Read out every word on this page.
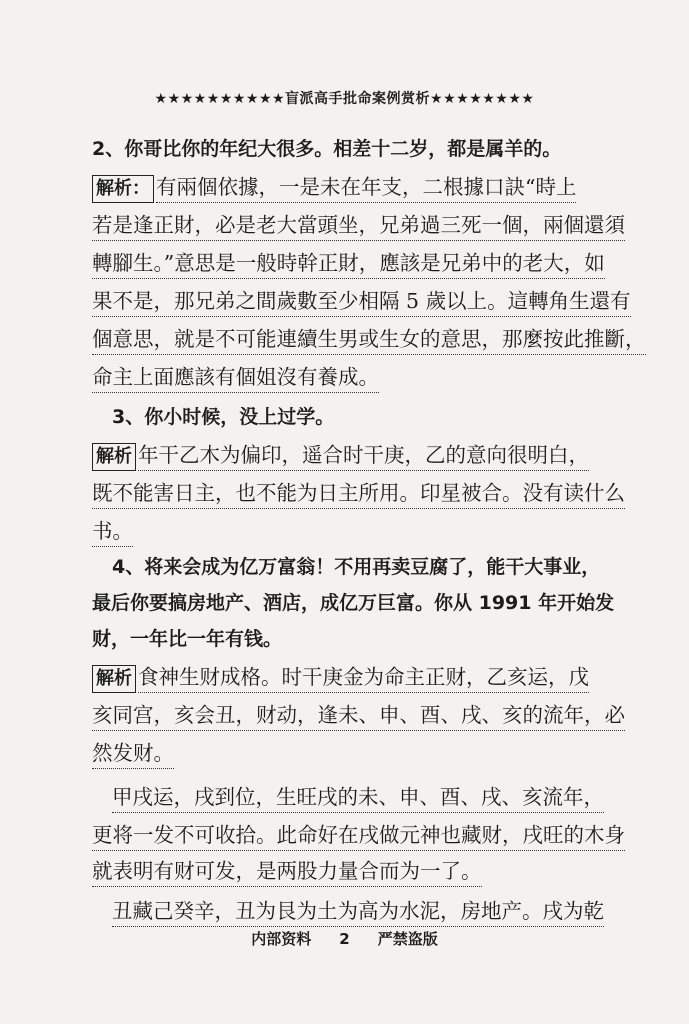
★★★★★★★★★★盲派高手批命案例赏析★★★★★★★★
2、你哥比你的年纪大很多。相差十二岁，都是属羊的。
解析： 有兩個依據，一是未在年支，二根據口訣“時上
若是逢正財，必是老大當頭坐，兄弟過三死一個，兩個還須
轉腳生。”意思是一般時幹正財，應該是兄弟中的老大，如
果不是，那兄弟之間歲數至少相隔 5 歲以上。這轉角生還有
個意思，就是不可能連續生男或生女的意思，那麼按此推斷，
命主上面應該有個姐沒有養成。
3、你小时候，没上过学。
解析 年干乙木为偏印，遥合时干庚，乙的意向很明白，
既不能害日主，也不能为日主所用。印星被合。没有读什么
书。
4、将来会成为亿万富翁！不用再卖豆腐了，能干大事业，
最后你要搞房地产、酒店，成亿万巨富。你从 1991 年开始发
财，一年比一年有钱。
解析 食神生财成格。时干庚金为命主正财，乙亥运，戊
亥同宫，亥会丑，财动，逢未、申、酉、戌、亥的流年，必
然发财。
甲戌运，戌到位，生旺戌的未、申、酉、戌、亥流年，
更将一发不可收拾。此命好在戌做元神也藏财，戌旺的木身
就表明有财可发，是两股力量合而为一了。
丑藏己癸辛，丑为艮为土为高为水泥，房地产。戌为乾
内部资料 2 严禁盗版
